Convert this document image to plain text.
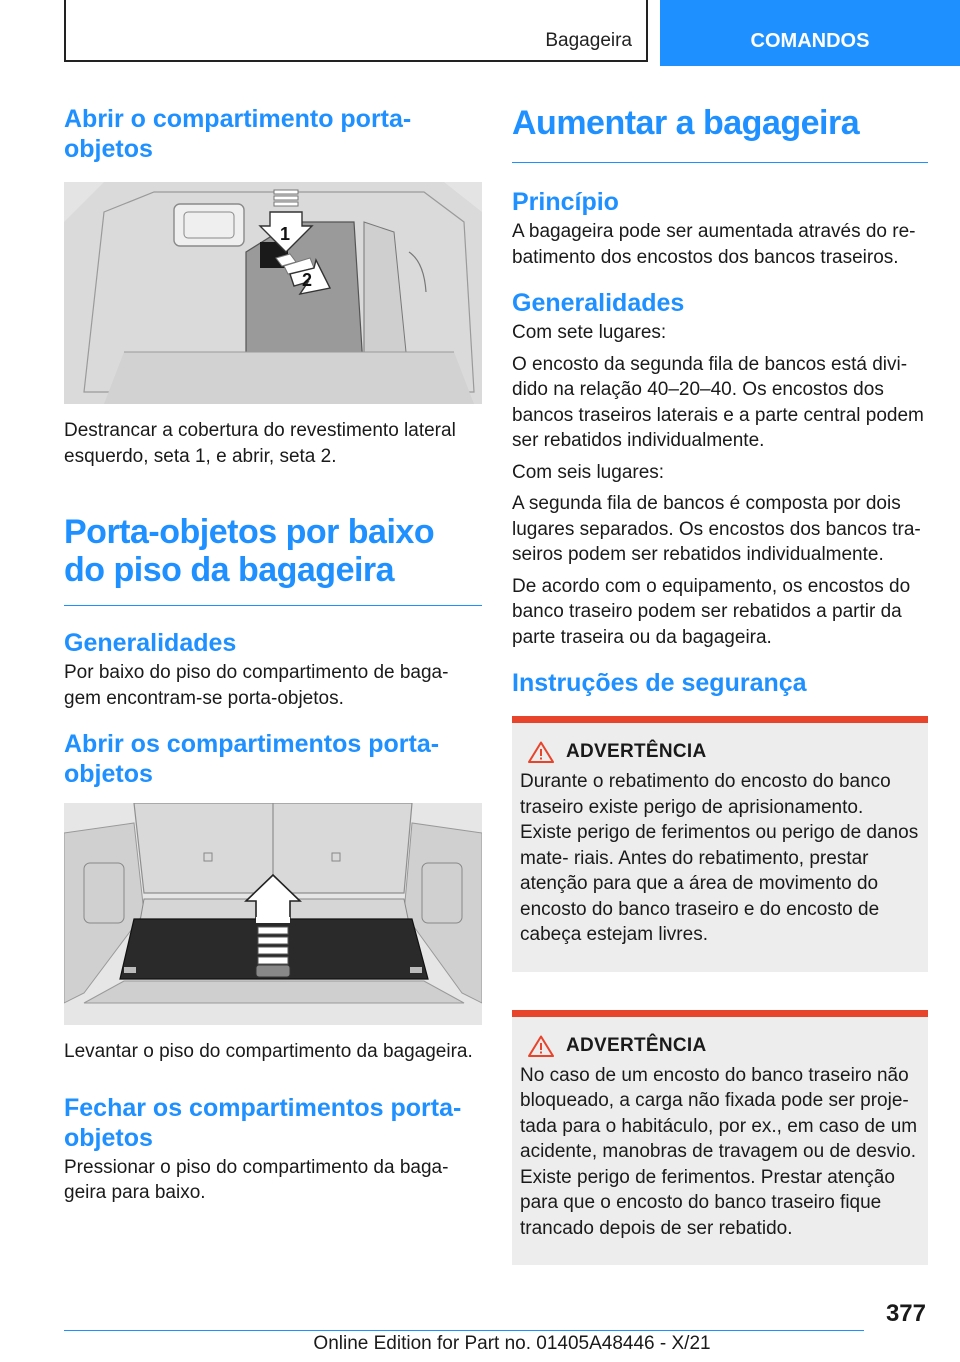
Bagageira	COMANDOS
Abrir o compartimento porta-objetos
1
2

Destrancar a cobertura do revestimento lateral esquerdo, seta 1, e abrir, seta 2.

Porta-objetos por baixo do piso da bagageira
Generalidades

Por baixo do piso do compartimento de baga- gem encontram-se porta-objetos.

Abrir os compartimentos porta-objetos

Levantar o piso do compartimento da bagageira.

Fechar os compartimentos porta-objetos

Pressionar o piso do compartimento da baga- geira para baixo.

Aumentar a bagageira
Princípio

A bagageira pode ser aumentada através do re- batimento dos encostos dos bancos traseiros.

Generalidades

Com sete lugares:

O encosto da segunda fila de bancos está divi- dido na relação 40–20–40. Os encostos dos bancos traseiros laterais e a parte central podem ser rebatidos individualmente.

Com seis lugares:

A segunda fila de bancos é composta por dois lugares separados. Os encostos dos bancos tra- seiros podem ser rebatidos individualmente.

De acordo com o equipamento, os encostos do banco traseiro podem ser rebatidos a partir da parte traseira ou da bagageira.

Instruções de segurança
ADVERTÊNCIA

Durante o rebatimento do encosto do banco traseiro existe perigo de aprisionamento. Existe perigo de ferimentos ou perigo de danos mate- riais. Antes do rebatimento, prestar atenção para que a área de movimento do encosto do banco traseiro e do encosto de cabeça estejam livres.

ADVERTÊNCIA

No caso de um encosto do banco traseiro não bloqueado, a carga não fixada pode ser proje- tada para o habitáculo, por ex., em caso de um acidente, manobras de travagem ou de desvio. Existe perigo de ferimentos. Prestar atenção para que o encosto do banco traseiro fique trancado depois de ser rebatido.

377
Online Edition for Part no. 01405A48446 - X/21
